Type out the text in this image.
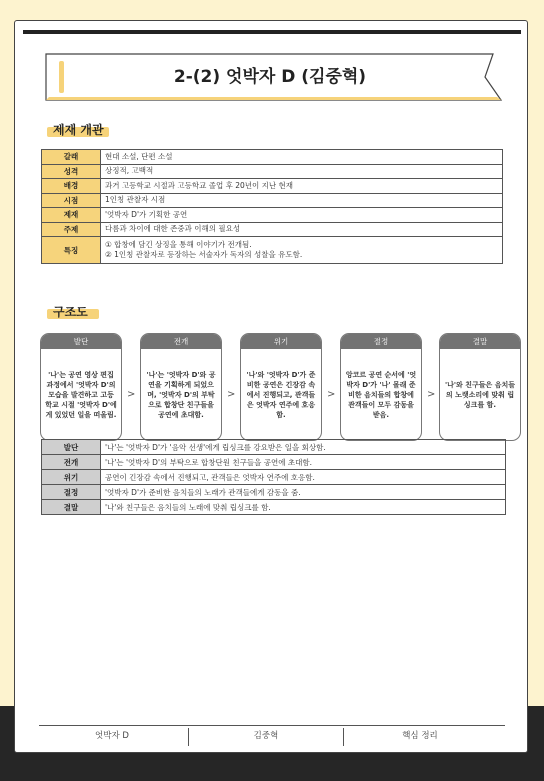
2-(2) 엇박자 D (김중혁)
제재 개관
갈래	현대 소설, 단편 소설
성격	상징적, 고백적
배경	과거 고등학교 시절과 고등학교 졸업 후 20년이 지난 현재
시점	1인칭 관찰자 시점
제재	'엇박자 D'가 기획한 공연
주제	다름과 차이에 대한 존중과 이해의 필요성
특징	① 합창에 담긴 상징을 통해 이야기가 전개됨.
② 1인칭 관찰자로 등장하는 서술자가 독자의 성찰을 유도함.
구조도
발단
'나'는 공연 영상 편집 과정에서 '엇박자 D'의 모습을 발견하고 고등학교 시절 '엇박자 D'에게 있었던 일을 떠올림.
>
전개
'나'는 '엇박자 D'와 공연을 기획하게 되었으며, '엇박자 D'의 부탁으로 합창단 친구들을 공연에 초대함.
>
위기
'나'와 '엇박자 D'가 준비한 공연은 긴장감 속에서 진행되고, 관객들은 엇박자 연주에 호응함.
>
절정
앙코르 공연 순서에 '엇박자 D'가 '나' 몰래 준비한 음치들의 합창에 관객들이 모두 감동을 받음.
>
결말
'나'와 친구들은 음치들의 노랫소리에 맞춰 립싱크를 함.
발단	'나'는 '엇박자 D'가 '음악 선생'에게 립싱크를 강요받은 일을 회상함.
전개	'나'는 '엇박자 D'의 부탁으로 합창단원 친구들을 공연에 초대함.
위기	공연이 긴장감 속에서 진행되고, 관객들은 엇박자 연주에 호응함.
절정	'엇박자 D'가 준비한 음치들의 노래가 관객들에게 감동을 줌.
결말	'나'와 친구들은 음치들의 노래에 맞춰 립싱크를 함.
엇박자 D	김중혁	핵심 정리
